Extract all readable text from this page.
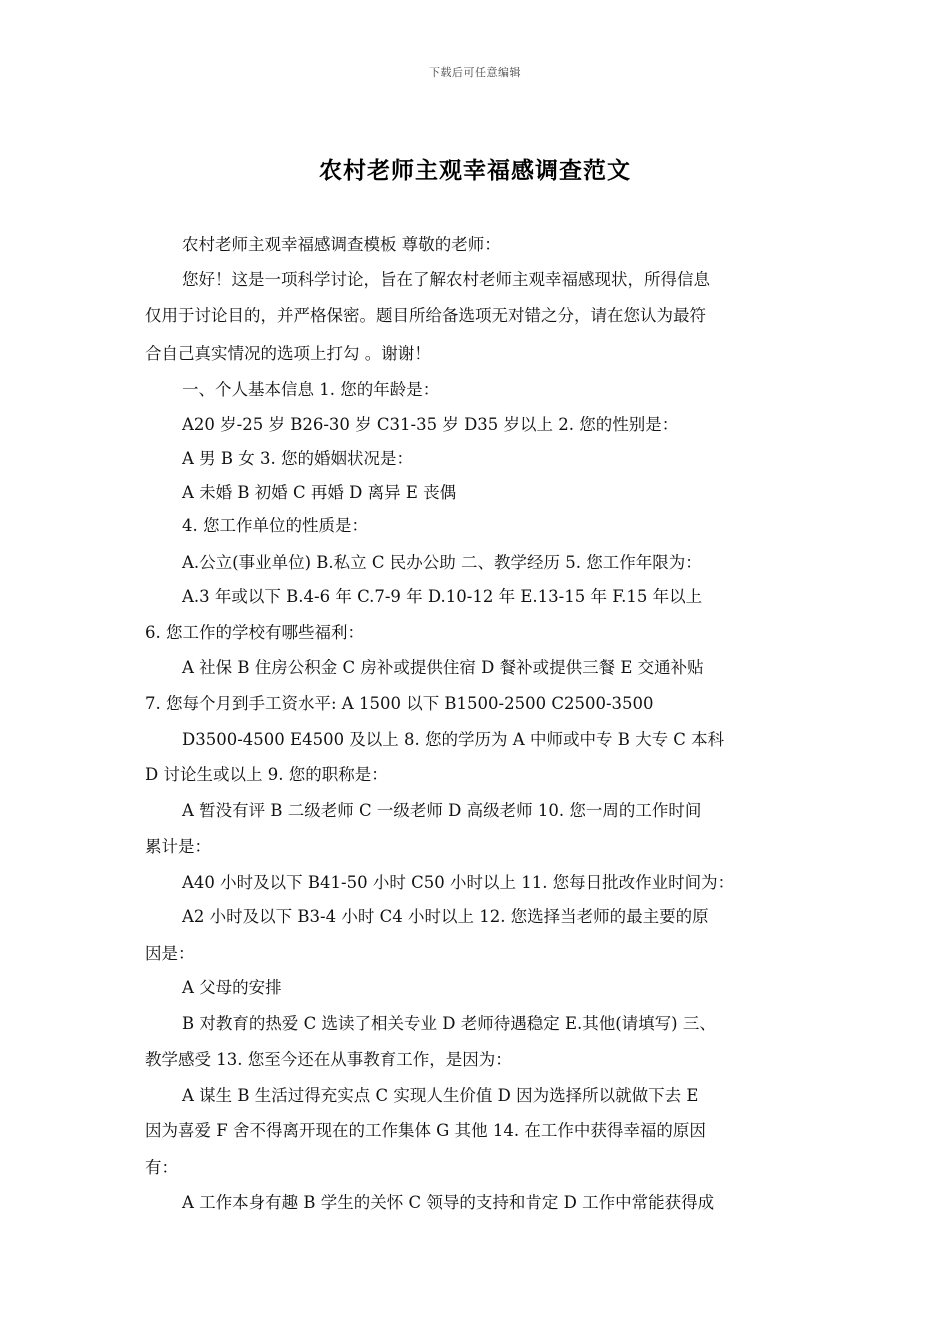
下载后可任意编辑
农村老师主观幸福感调查范文
农村老师主观幸福感调查模板 尊敬的老师：
您好！这是一项科学讨论，旨在了解农村老师主观幸福感现状，所得信息
仅用于讨论目的，并严格保密。题目所给备选项无对错之分，请在您认为最符
合自己真实情况的选项上打勾 。谢谢！
一、个人基本信息 1. 您的年龄是：
A20 岁-25 岁 B26-30 岁 C31-35 岁 D35 岁以上 2. 您的性别是：
A 男 B 女 3. 您的婚姻状况是：
A 未婚 B 初婚 C 再婚 D 离异 E 丧偶
4. 您工作单位的性质是：
A.公立(事业单位) B.私立 C 民办公助 二、教学经历 5. 您工作年限为：
A.3 年或以下 B.4-6 年 C.7-9 年 D.10-12 年 E.13-15 年 F.15 年以上
6. 您工作的学校有哪些福利：
A 社保 B 住房公积金 C 房补或提供住宿 D 餐补或提供三餐 E 交通补贴
7. 您每个月到手工资水平: A 1500 以下 B1500-2500 C2500-3500
D3500-4500 E4500 及以上 8. 您的学历为 A 中师或中专 B 大专 C 本科
D 讨论生或以上 9. 您的职称是：
A 暂没有评 B 二级老师 C 一级老师 D 高级老师 10. 您一周的工作时间
累计是：
A40 小时及以下 B41-50 小时 C50 小时以上 11. 您每日批改作业时间为：
A2 小时及以下 B3-4 小时 C4 小时以上 12. 您选择当老师的最主要的原
因是：
A 父母的安排
B 对教育的热爱 C 选读了相关专业 D 老师待遇稳定 E.其他(请填写) 三、
教学感受 13. 您至今还在从事教育工作，是因为：
A 谋生 B 生活过得充实点 C 实现人生价值 D 因为选择所以就做下去 E
因为喜爱 F 舍不得离开现在的工作集体 G 其他 14. 在工作中获得幸福的原因
有：
A 工作本身有趣 B 学生的关怀 C 领导的支持和肯定 D 工作中常能获得成
